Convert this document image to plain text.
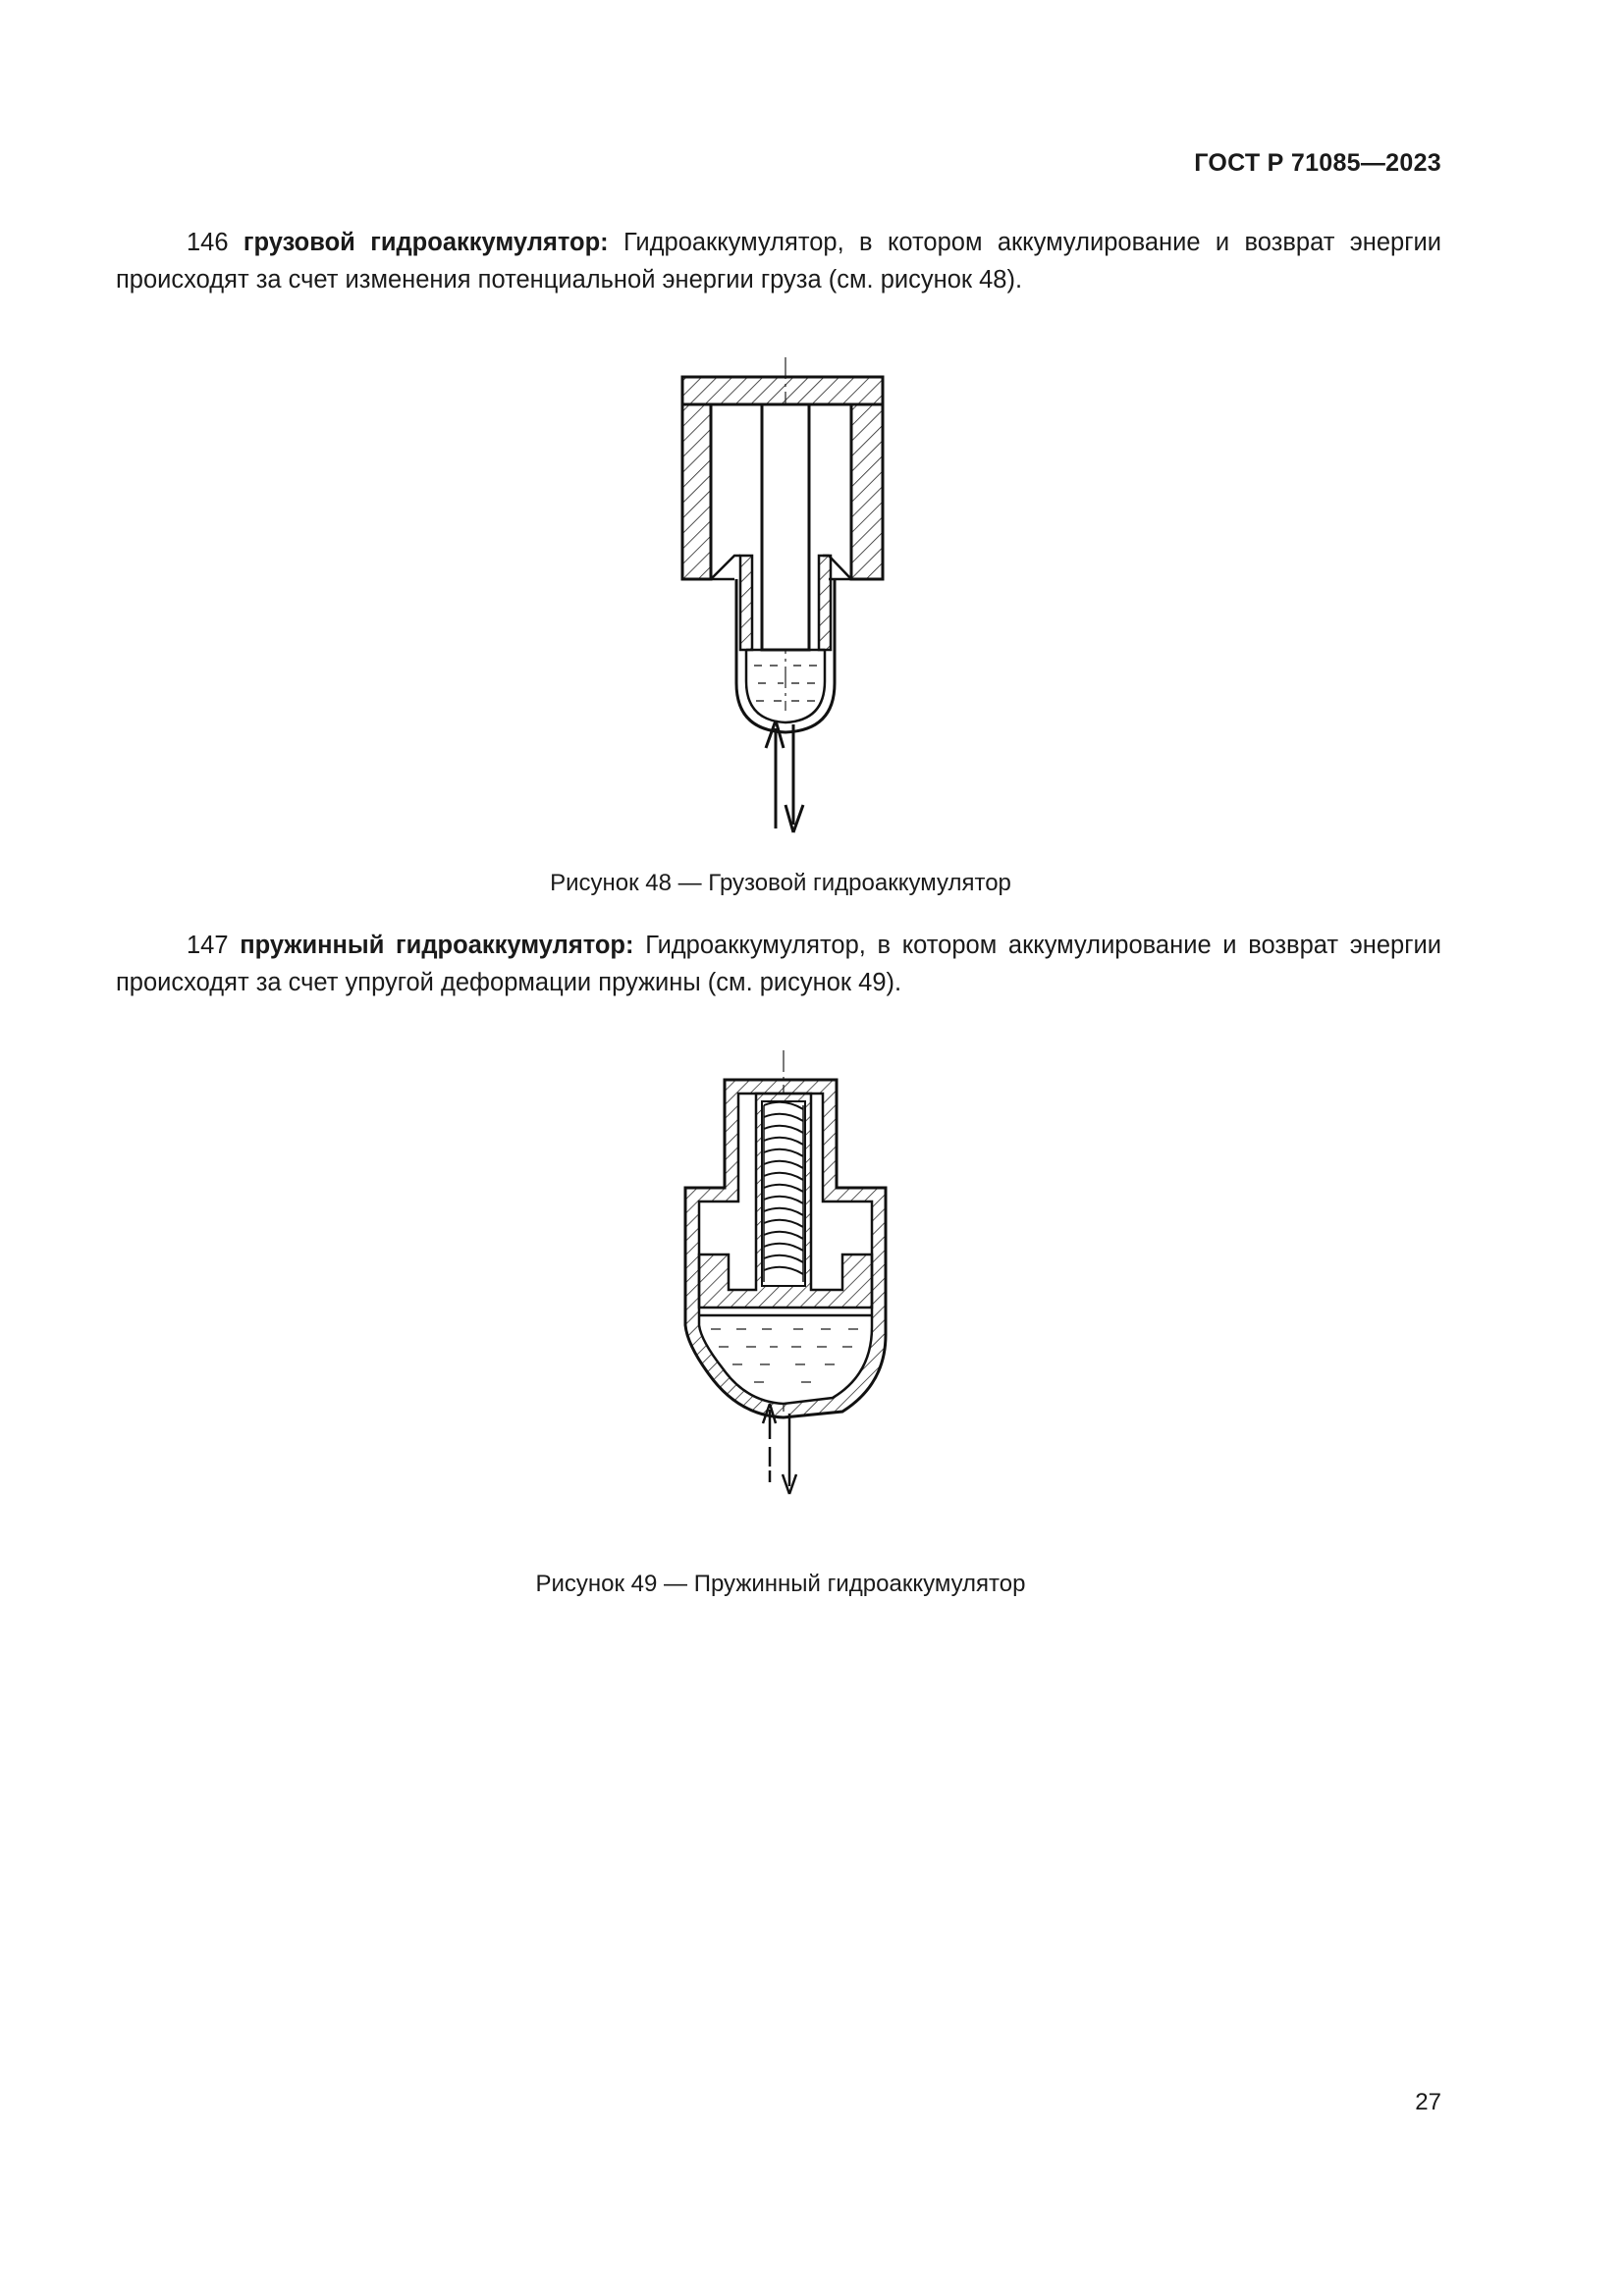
ГОСТ Р 71085—2023
146 грузовой гидроаккумулятор: Гидроаккумулятор, в котором аккумулирование и возврат энергии происходят за счет изменения потенциальной энергии груза (см. рисунок 48).
Рисунок 48 — Грузовой гидроаккумулятор
147 пружинный гидроаккумулятор: Гидроаккумулятор, в котором аккумулирование и возврат энергии происходят за счет упругой деформации пружины (см. рисунок 49).
Рисунок 49 — Пружинный гидроаккумулятор
27
